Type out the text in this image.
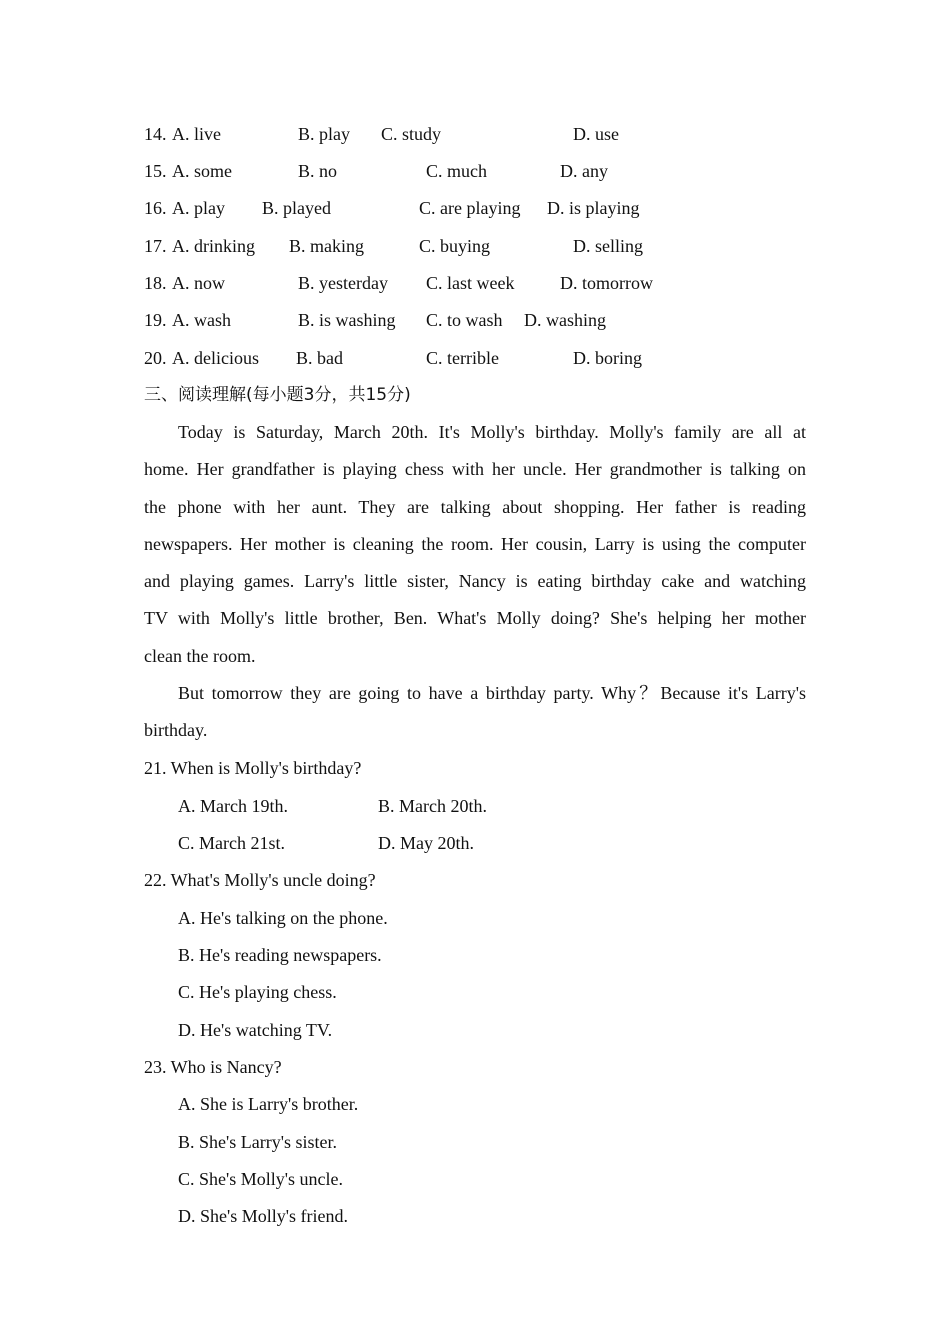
14. A. live	B. play C. study	D. use
15. A. some	B. no	C. much	D. any
16. A. play B. played	C. are playing D. is playing
17. A. drinking B. making	C. buying	D. selling
18. A. now	B. yesterday C. last week	D. tomorrow
19. A. wash	B. is washing C. to wash D. washing
20. A. delicious B. bad	C. terrible	D. boring
三、阅读理解(每小题3分，共15分)
Today is Saturday, March 20th. It's Molly's birthday. Molly's family are all at
home. Her grandfather is playing chess with her uncle. Her grandmother is talking on
the phone with her aunt. They are talking about shopping. Her father is reading
newspapers. Her mother is cleaning the room. Her cousin, Larry is using the computer
and playing games. Larry's little sister, Nancy is eating birthday cake and watching
TV with Molly's little brother, Ben. What's Molly doing? She's helping her mother
clean the room.
But tomorrow they are going to have a birthday party. Why？Because it's Larry's
birthday.
21. When is Molly's birthday?
A. March 19th.	B. March 20th.
C. March 21st.	D. May 20th.
22. What's Molly's uncle doing?
A. He's talking on the phone.
B. He's reading newspapers.
C. He's playing chess.
D. He's watching TV.
23. Who is Nancy?
A. She is Larry's brother.
B. She's Larry's sister.
C. She's Molly's uncle.
D. She's Molly's friend.
